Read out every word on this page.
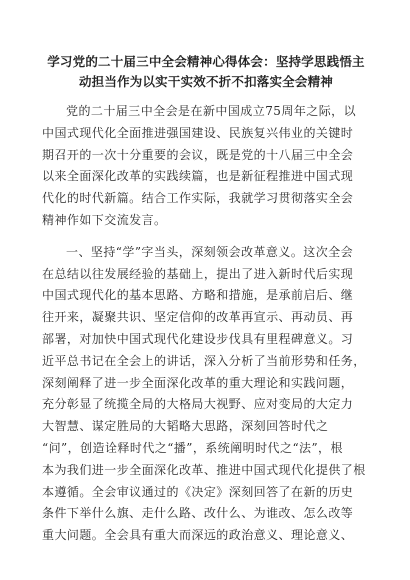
学习党的二十届三中全会精神心得体会：坚持学思践悟主
动担当作为以实干实效不折不扣落实全会精神

党的二十届三中全会是在新中国成立75周年之际，以
中国式现代化全面推进强国建设、民族复兴伟业的关键时
期召开的一次十分重要的会议，既是党的十八届三中全会
以来全面深化改革的实践续篇，也是新征程推进中国式现
代化的时代新篇。结合工作实际，我就学习贯彻落实全会
精神作如下交流发言。

一、坚持“学”字当头，深刻领会改革意义。这次全会
在总结以往发展经验的基础上，提出了进入新时代后实现
中国式现代化的基本思路、方略和措施，是承前启后、继
往开来，凝聚共识、坚定信仰的改革再宣示、再动员、再
部署，对加快中国式现代化建设步伐具有里程碑意义。习
近平总书记在全会上的讲话，深入分析了当前形势和任务，
深刻阐释了进一步全面深化改革的重大理论和实践问题，
充分彰显了统揽全局的大格局大视野、应对变局的大定力
大智慧、谋定胜局的大韬略大思路，深刻回答时代之
“问”，创造诠释时代之“播”，系统阐明时代之“法”，根
本为我们进一步全面深化改革、推进中国式现代化提供了根
本遵循。全会审议通过的《决定》深刻回答了在新的历史
条件下举什么旗、走什么路、改什么、为谁改、怎么改等
重大问题。全会具有重大而深远的政治意义、理论意义、
